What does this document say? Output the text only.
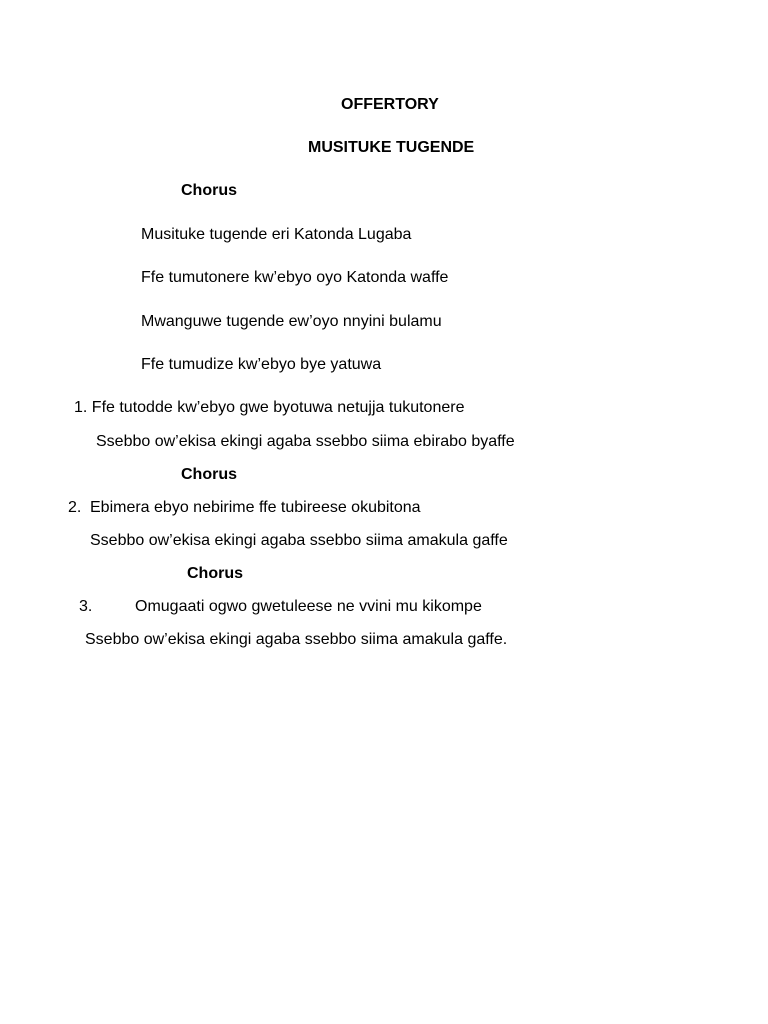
OFFERTORY
MUSITUKE TUGENDE
Chorus
Musituke tugende eri Katonda Lugaba
Ffe tumutonere kw’ebyo oyo Katonda waffe
Mwanguwe tugende ew’oyo nnyini bulamu
Ffe tumudize kw’ebyo bye yatuwa
1. Ffe tutodde kw’ebyo gwe byotuwa netujja tukutonere
Ssebbo ow’ekisa ekingi agaba ssebbo siima ebirabo byaffe
Chorus
2. Ebimera ebyo nebirime ffe tubireese okubitona
Ssebbo ow’ekisa ekingi agaba ssebbo siima amakula gaffe
Chorus
3.	Omugaati ogwo gwetuleese ne vvini mu kikompe
Ssebbo ow’ekisa ekingi agaba ssebbo siima amakula gaffe.
